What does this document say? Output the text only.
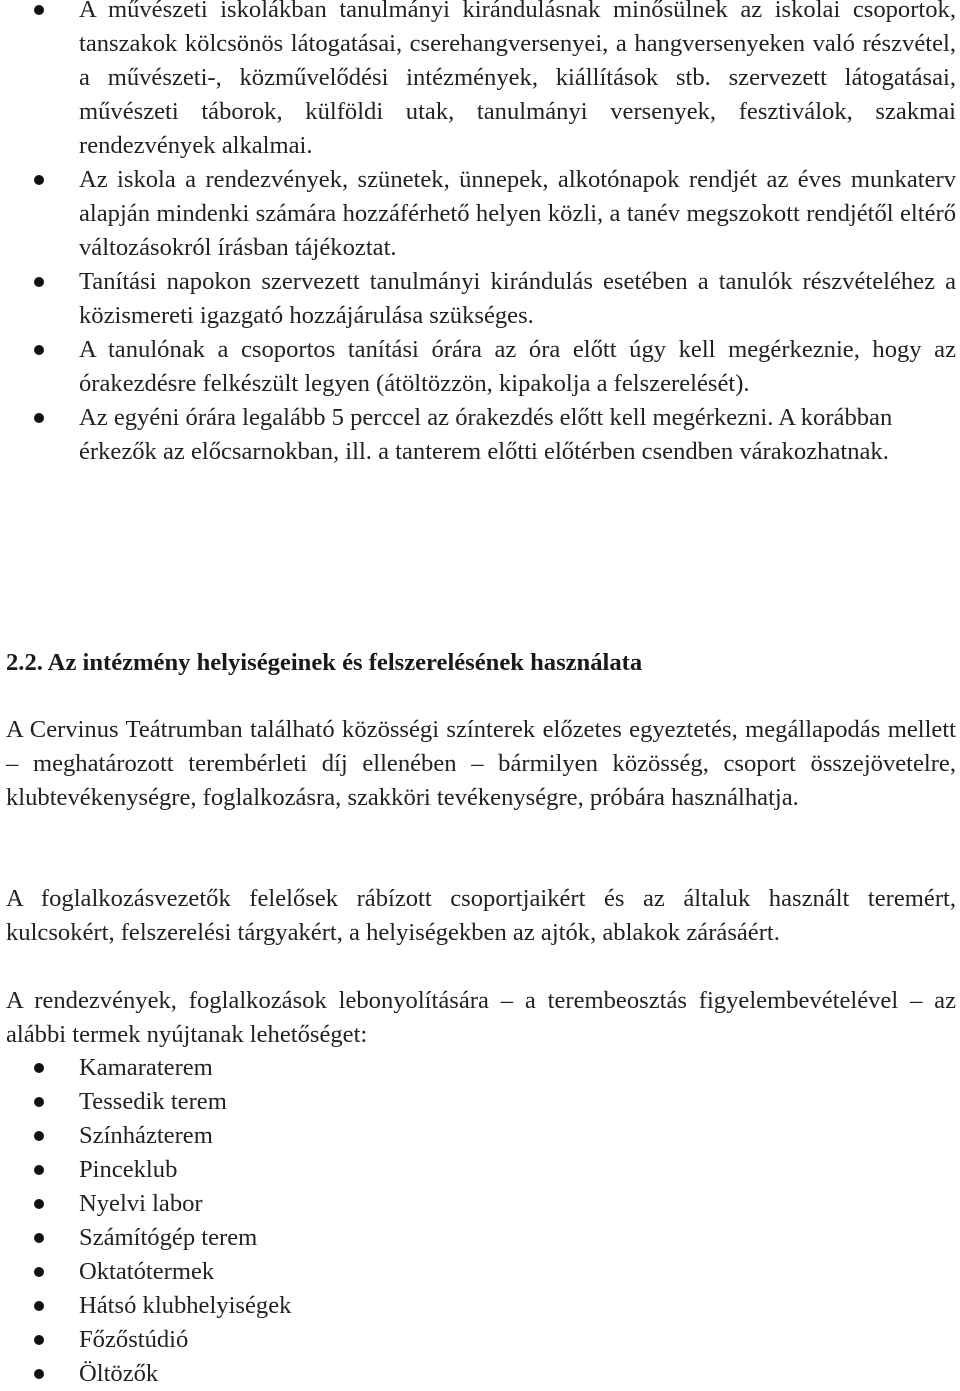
A művészeti iskolákban tanulmányi kirándulásnak minősülnek az iskolai csoportok, tanszakok kölcsönös látogatásai, cserehangversenyei, a hangversenyeken való részvétel, a művészeti-, közművelődési intézmények, kiállítások stb. szervezett látogatásai, művészeti táborok, külföldi utak, tanulmányi versenyek, fesztiválok, szakmai rendezvények alkalmai.
Az iskola a rendezvények, szünetek, ünnepek, alkotónapok rendjét az éves munkaterv alapján mindenki számára hozzáférhető helyen közli, a tanév megszokott rendjétől eltérő változásokról írásban tájékoztat.
Tanítási napokon szervezett tanulmányi kirándulás esetében a tanulók részvételéhez a közismereti igazgató hozzájárulása szükséges.
A tanulónak a csoportos tanítási órára az óra előtt úgy kell megérkeznie, hogy az órakezdésre felkészült legyen (átöltözzön, kipakolja a felszerelését).
Az egyéni órára legalább 5 perccel az órakezdés előtt kell megérkezni. A korábban érkezők az előcsarnokban, ill. a tanterem előtti előtérben csendben várakozhatnak.
2.2. Az intézmény helyiségeinek és felszerelésének használata

A Cervinus Teátrumban található közösségi színterek előzetes egyeztetés, megállapodás mellett – meghatározott terembérleti díj ellenében – bármilyen közösség, csoport összejövetelre, klubtevékenységre, foglalkozásra, szakköri tevékenységre, próbára használhatja.

A foglalkozásvezetők felelősek rábízott csoportjaikért és az általuk használt teremért, kulcsokért, felszerelési tárgyakért, a helyiségekben az ajtók, ablakok zárásáért.

A rendezvények, foglalkozások lebonyolítására – a terembeosztás figyelembevételével – az alábbi termek nyújtanak lehetőséget:

Kamaraterem
Tessedik terem
Színházterem
Pinceklub
Nyelvi labor
Számítógép terem
Oktatótermek
Hátsó klubhelyiségek
Főzőstúdió
Öltözők
